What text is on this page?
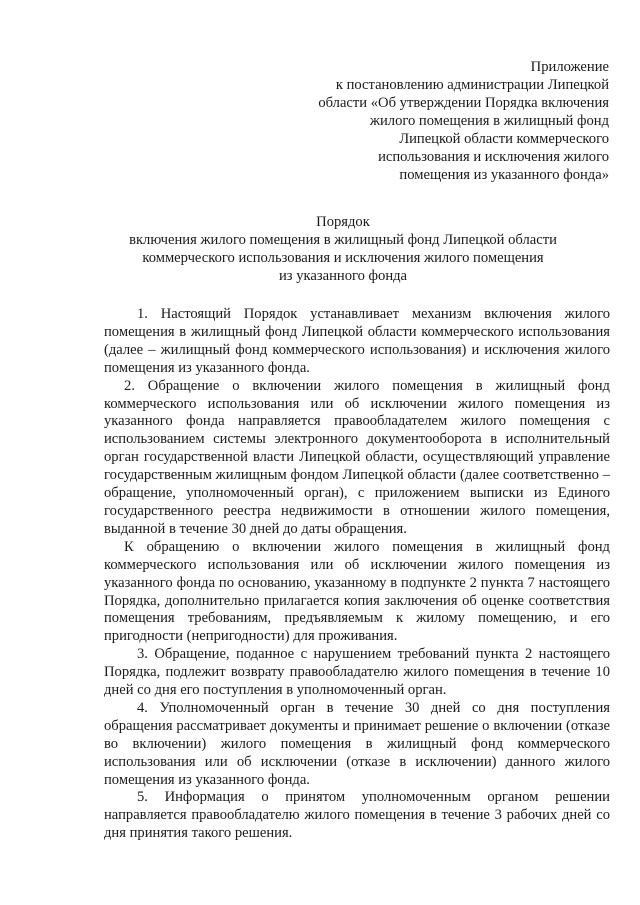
Приложение
к постановлению администрации Липецкой
области «Об утверждении Порядка включения
жилого помещения в жилищный фонд
Липецкой области коммерческого
использования и исключения жилого
помещения из указанного фонда»
Порядок
включения жилого помещения в жилищный фонд Липецкой области
коммерческого использования и исключения жилого помещения
из указанного фонда

1. Настоящий Порядок устанавливает механизм включения жилого помещения в жилищный фонд Липецкой области коммерческого использования (далее – жилищный фонд коммерческого использования) и исключения жилого помещения из указанного фонда.

2. Обращение о включении жилого помещения в жилищный фонд коммерческого использования или об исключении жилого помещения из указанного фонда направляется правообладателем жилого помещения с использованием системы электронного документооборота в исполнительный орган государственной власти Липецкой области, осуществляющий управление государственным жилищным фондом Липецкой области (далее соответственно – обращение, уполномоченный орган), с приложением выписки из Единого государственного реестра недвижимости в отношении жилого помещения, выданной в течение 30 дней до даты обращения.

К обращению о включении жилого помещения в жилищный фонд коммерческого использования или об исключении жилого помещения из указанного фонда по основанию, указанному в подпункте 2 пункта 7 настоящего Порядка, дополнительно прилагается копия заключения об оценке соответствия помещения требованиям, предъявляемым к жилому помещению, и его пригодности (непригодности) для проживания.

3. Обращение, поданное с нарушением требований пункта 2 настоящего Порядка, подлежит возврату правообладателю жилого помещения в течение 10 дней со дня его поступления в уполномоченный орган.

4. Уполномоченный орган в течение 30 дней со дня поступления обращения рассматривает документы и принимает решение о включении (отказе во включении) жилого помещения в жилищный фонд коммерческого использования или об исключении (отказе в исключении) данного жилого помещения из указанного фонда.

5. Информация о принятом уполномоченным органом решении направляется правообладателю жилого помещения в течение 3 рабочих дней со дня принятия такого решения.
